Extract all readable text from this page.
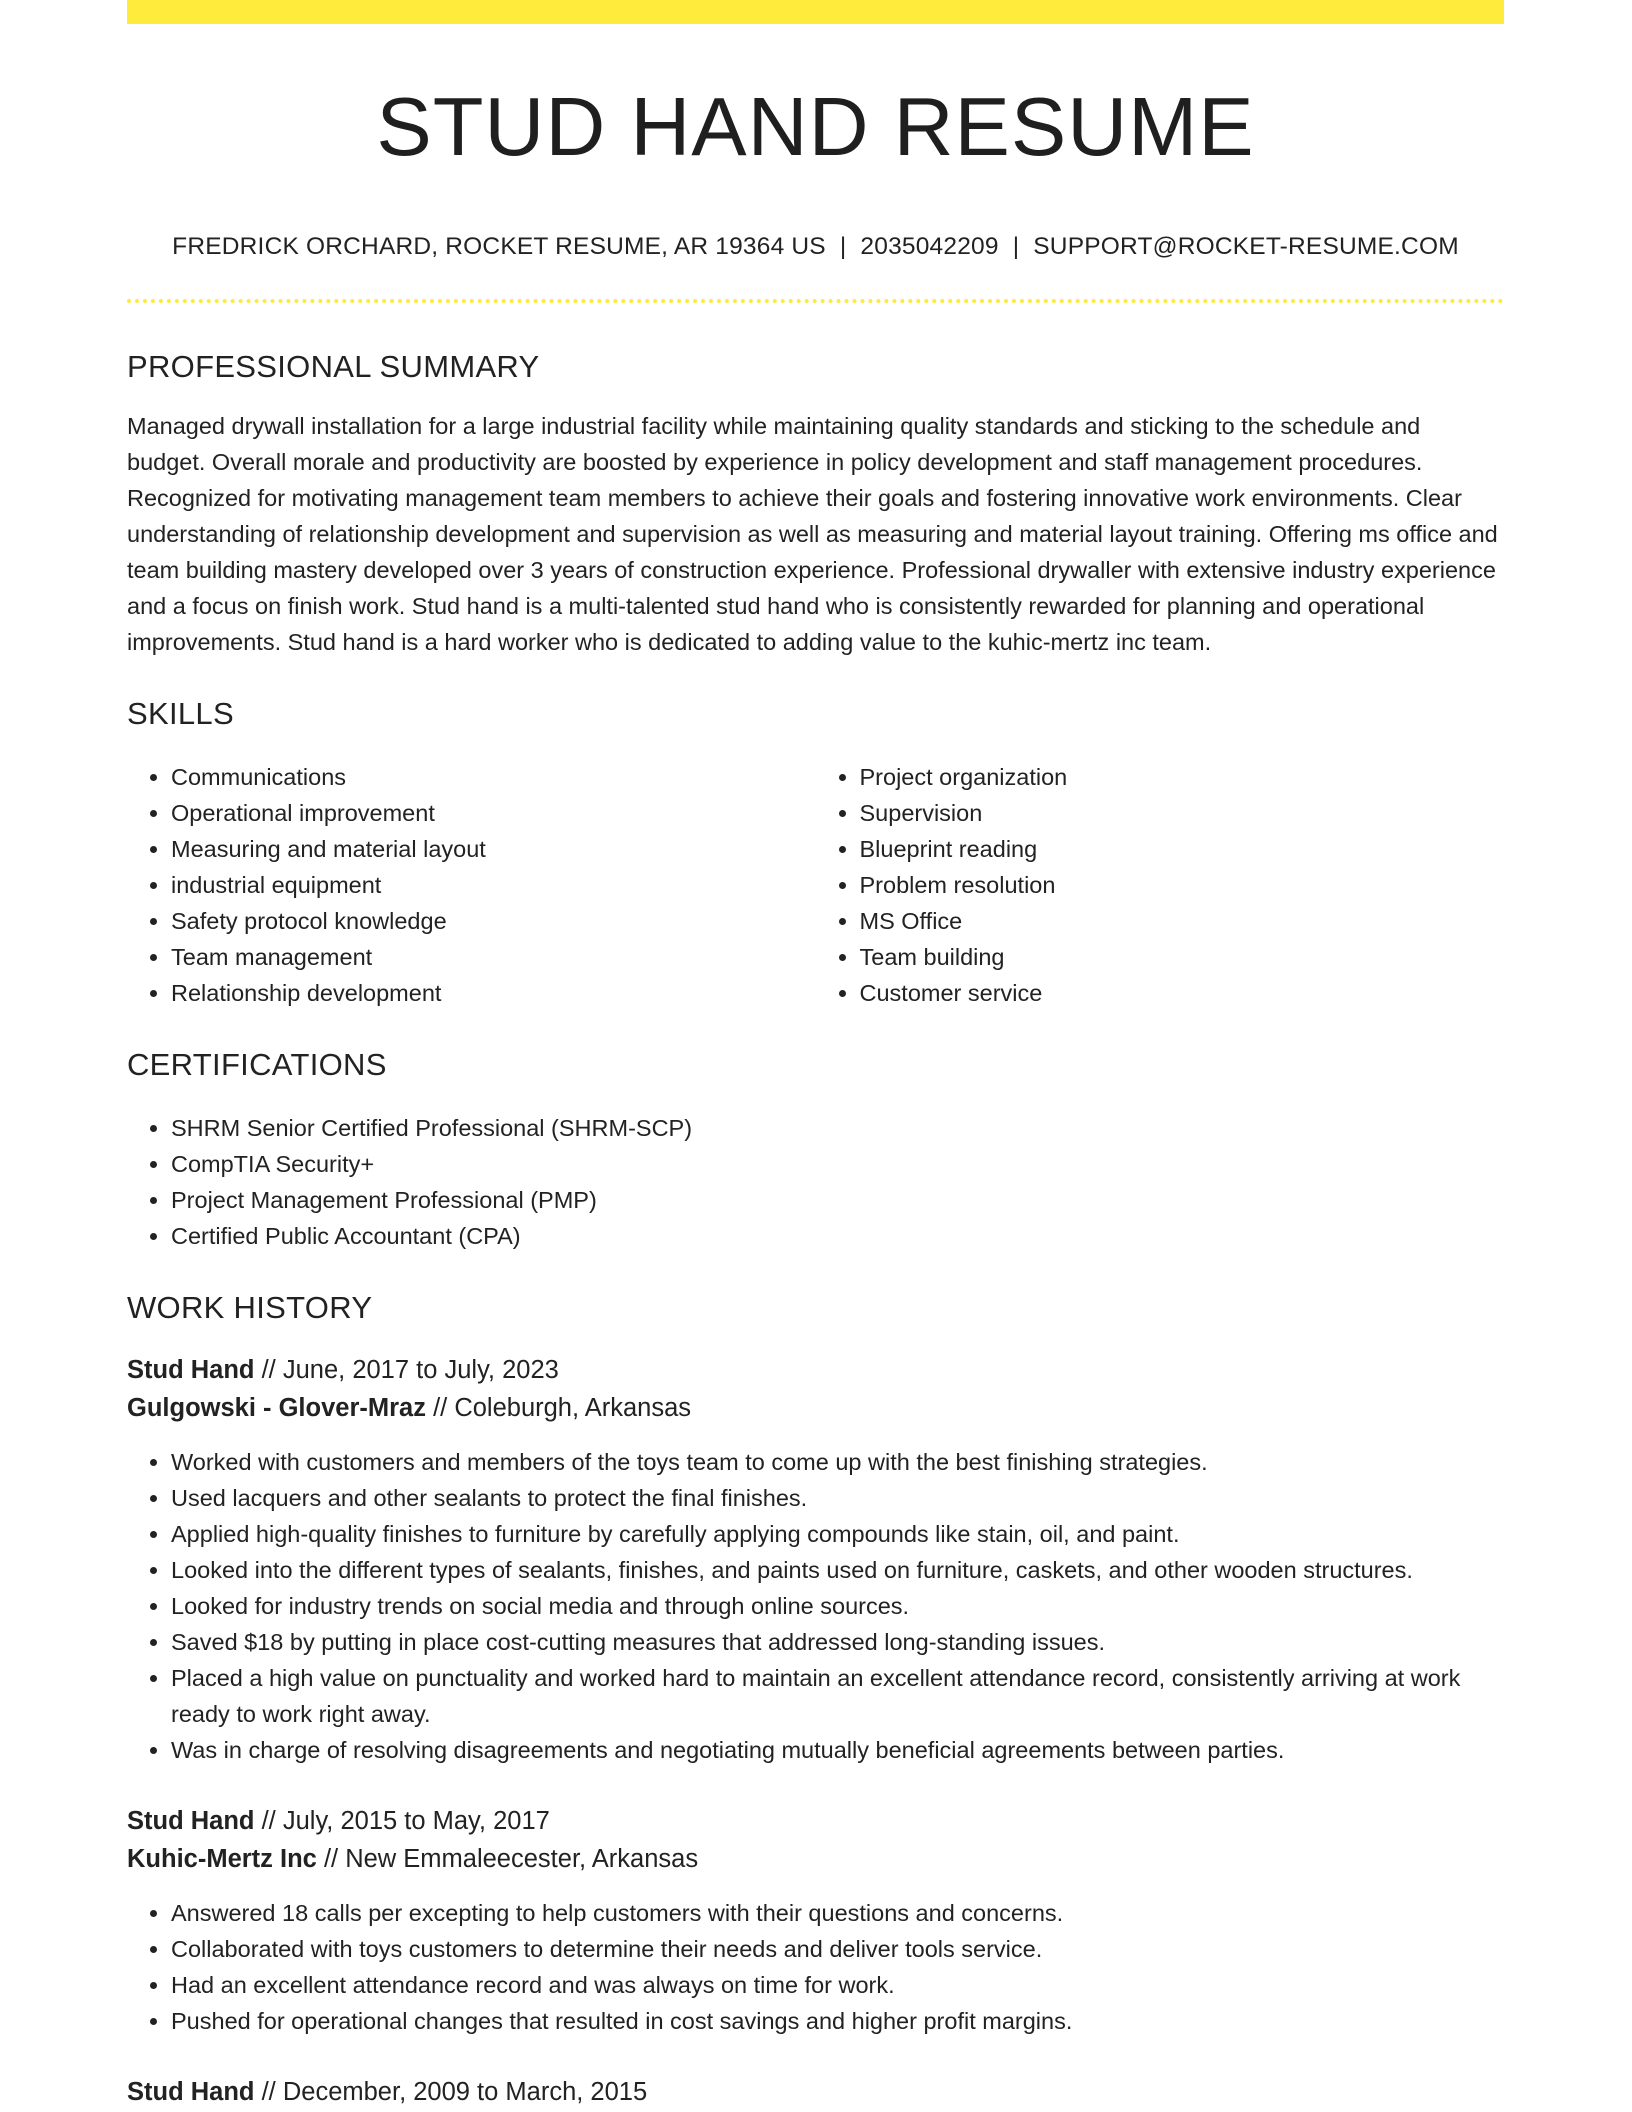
STUD HAND RESUME
FREDRICK ORCHARD, ROCKET RESUME, AR 19364 US | 2035042209 | SUPPORT@ROCKET-RESUME.COM
PROFESSIONAL SUMMARY
Managed drywall installation for a large industrial facility while maintaining quality standards and sticking to the schedule and budget. Overall morale and productivity are boosted by experience in policy development and staff management procedures. Recognized for motivating management team members to achieve their goals and fostering innovative work environments. Clear understanding of relationship development and supervision as well as measuring and material layout training. Offering ms office and team building mastery developed over 3 years of construction experience. Professional drywaller with extensive industry experience and a focus on finish work. Stud hand is a multi-talented stud hand who is consistently rewarded for planning and operational improvements. Stud hand is a hard worker who is dedicated to adding value to the kuhic-mertz inc team.
SKILLS
• Communications
• Operational improvement
• Measuring and material layout
• industrial equipment
• Safety protocol knowledge
• Team management
• Relationship development
• Project organization
• Supervision
• Blueprint reading
• Problem resolution
• MS Office
• Team building
• Customer service
CERTIFICATIONS
• SHRM Senior Certified Professional (SHRM-SCP)
• CompTIA Security+
• Project Management Professional (PMP)
• Certified Public Accountant (CPA)
WORK HISTORY
Stud Hand // June, 2017 to July, 2023
Gulgowski - Glover-Mraz // Coleburgh, Arkansas
• Worked with customers and members of the toys team to come up with the best finishing strategies.
• Used lacquers and other sealants to protect the final finishes.
• Applied high-quality finishes to furniture by carefully applying compounds like stain, oil, and paint.
• Looked into the different types of sealants, finishes, and paints used on furniture, caskets, and other wooden structures.
• Looked for industry trends on social media and through online sources.
• Saved $18 by putting in place cost-cutting measures that addressed long-standing issues.
• Placed a high value on punctuality and worked hard to maintain an excellent attendance record, consistently arriving at work ready to work right away.
• Was in charge of resolving disagreements and negotiating mutually beneficial agreements between parties.
Stud Hand // July, 2015 to May, 2017
Kuhic-Mertz Inc // New Emmaleecester, Arkansas
• Answered 18 calls per excepting to help customers with their questions and concerns.
• Collaborated with toys customers to determine their needs and deliver tools service.
• Had an excellent attendance record and was always on time for work.
• Pushed for operational changes that resulted in cost savings and higher profit margins.
Stud Hand // December, 2009 to March, 2015
